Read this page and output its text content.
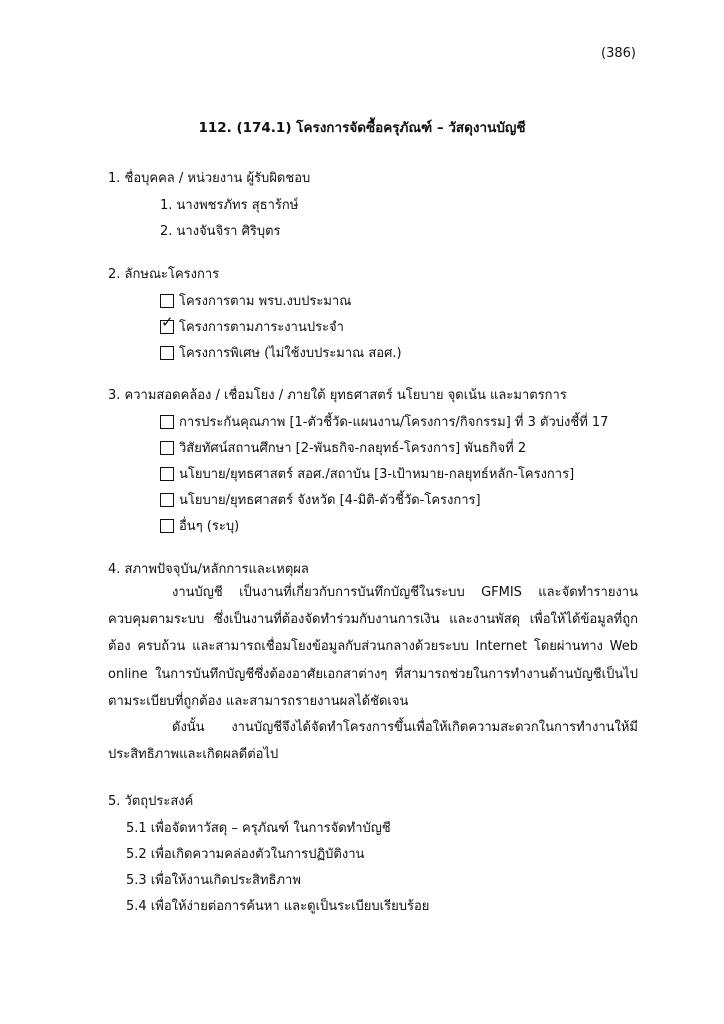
(386)
112. (174.1) โครงการจัดซื้อครุภัณฑ์ – วัสดุงานบัญชี
1. ชื่อบุคคล / หน่วยงาน ผู้รับผิดชอบ
1. นางพชรภัทร สุธาร้กษ์
2. นางจันจิรา ศิริบุตร
2. ลักษณะโครงการ
โครงการตาม พรบ.งบประมาณ
✓ โครงการตามภาระงานประจำ
โครงการพิเศษ (ไม่ใช้งบประมาณ สอศ.)
3. ความสอดคล้อง / เชื่อมโยง / ภายใต้ ยุทธศาสตร์ นโยบาย จุดเน้น และมาตรการ
การประกันคุณภาพ [1-ตัวชี้วัด-แผนงาน/โครงการ/กิจกรรม] ที่ 3 ตัวบ่งชี้ที่ 17
วิสัยทัศน์สถานศึกษา [2-พันธกิจ-กลยุทธ์-โครงการ] พันธกิจที่ 2
นโยบาย/ยุทธศาสตร์ สอศ./สถาบัน [3-เป้าหมาย-กลยุทธ์หลัก-โครงการ]
นโยบาย/ยุทธศาสตร์ จังหวัด [4-มิติ-ตัวชี้วัด-โครงการ]
อื่นๆ (ระบุ)
4. สภาพปัจจุบัน/หลักการและเหตุผล
งานบัญชี เป็นงานที่เกี่ยวกับการบันทึกบัญชีในระบบ GFMIS และจัดทำรายงานควบคุมตามระบบ ซึ่งเป็นงานที่ต้องจัดทำร่วมกับงานการเงิน และงานพัสดุ เพื่อให้ได้ข้อมูลที่ถูกต้อง ครบถ้วน และสามารถเชื่อมโยงข้อมูลกับส่วนกลางด้วยระบบ Internet โดยผ่านทาง Web online ในการบันทึกบัญชีซึ่งต้องอาศัยเอกสาต่างๆ ที่สามารถช่วยในการทำงานด้านบัญชีเป็นไปตามระเบียบที่ถูกต้อง และสามารถรายงานผลได้ชัดเจน
ดังนั้น งานบัญชีจึงได้จัดทำโครงการขึ้นเพื่อให้เกิดความสะดวกในการทำงานให้มีประสิทธิภาพและเกิดผลดีต่อไป
5. วัตถุประสงค์
5.1 เพื่อจัดหาวัสดุ – ครุภัณฑ์ ในการจัดทำบัญชี
5.2 เพื่อเกิดความคล่องตัวในการปฏิบัติงาน
5.3 เพื่อให้งานเกิดประสิทธิภาพ
5.4 เพื่อให้ง่ายต่อการค้นหา และดูเป็นระเบียบเรียบร้อย
